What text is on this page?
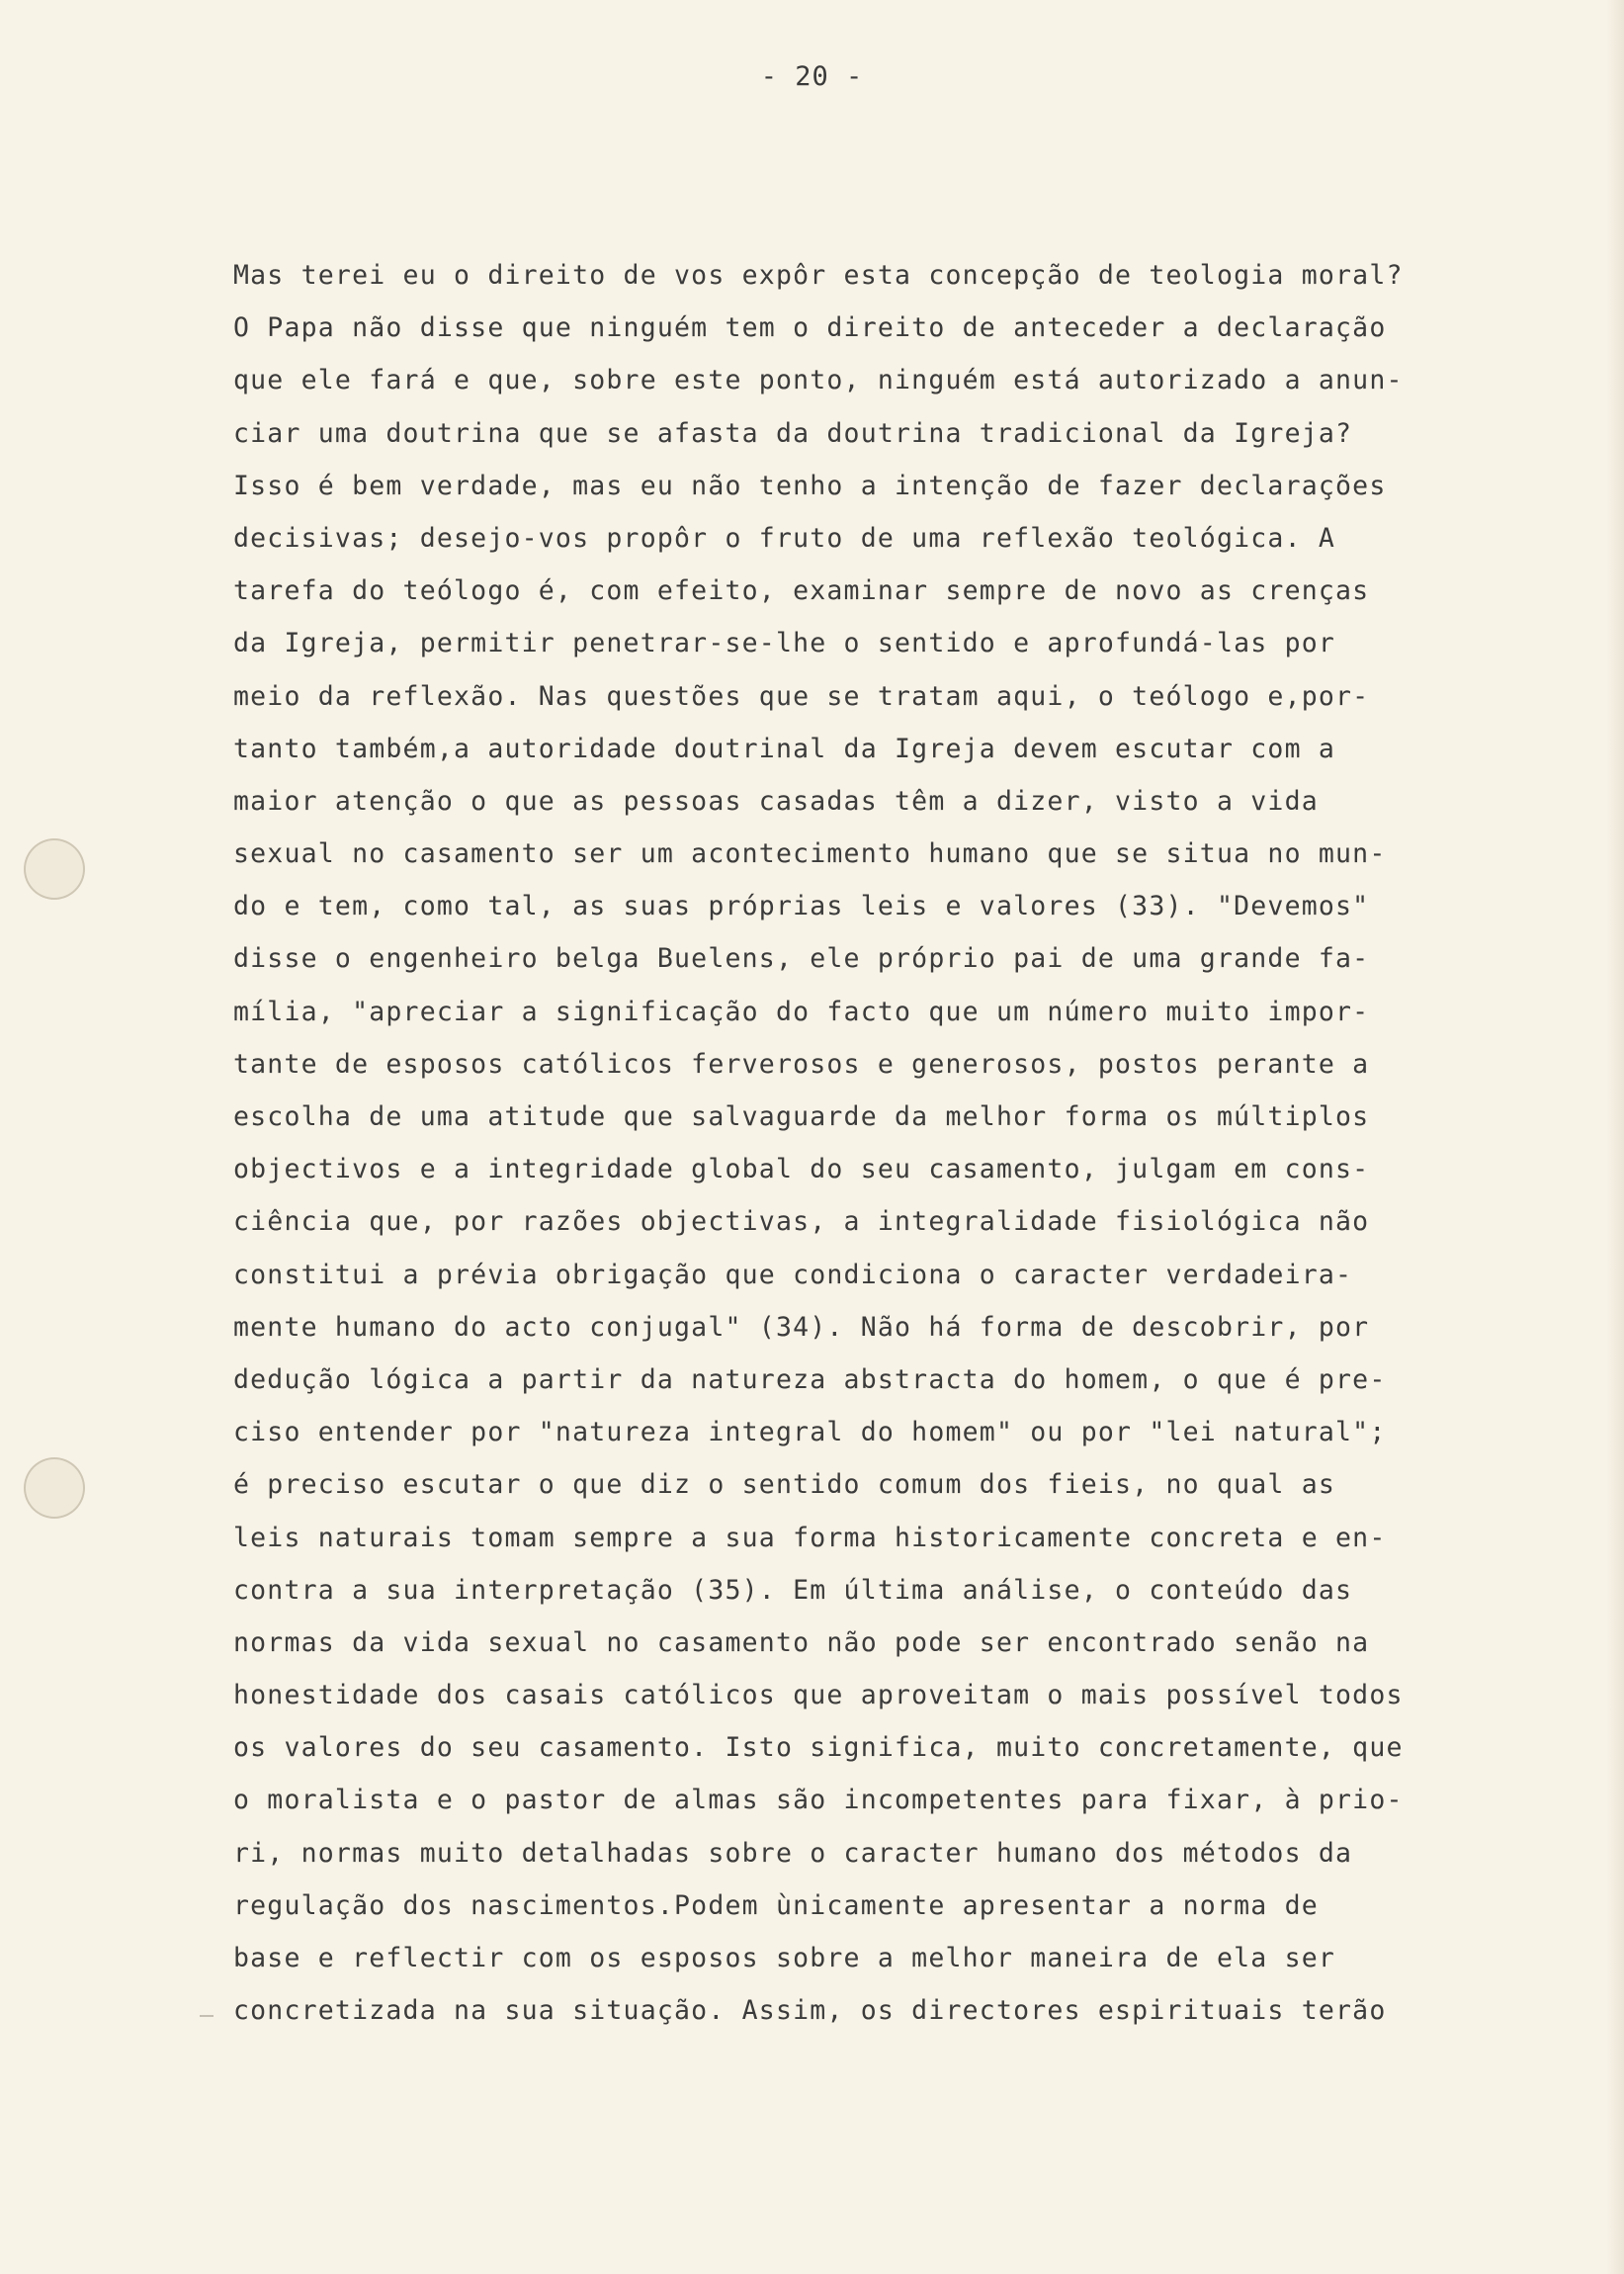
- 20 -
Mas terei eu o direito de vos expôr esta concepção de teologia moral?
O Papa não disse que ninguém tem o direito de anteceder a declaração
que ele fará e que, sobre este ponto, ninguém está autorizado a anun-
ciar uma doutrina que se afasta da doutrina tradicional da Igreja?
Isso é bem verdade, mas eu não tenho a intenção de fazer declarações
decisivas; desejo-vos propôr o fruto de uma reflexão teológica. A
tarefa do teólogo é, com efeito, examinar sempre de novo as crenças
da Igreja, permitir penetrar-se-lhe o sentido e aprofundá-las por
meio da reflexão. Nas questões que se tratam aqui, o teólogo e,por-
tanto também,a autoridade doutrinal da Igreja devem escutar com a
maior atenção o que as pessoas casadas têm a dizer, visto a vida
sexual no casamento ser um acontecimento humano que se situa no mun-
do e tem, como tal, as suas próprias leis e valores (33). "Devemos"
disse o engenheiro belga Buelens, ele próprio pai de uma grande fa-
mília, "apreciar a significação do facto que um número muito impor-
tante de esposos católicos ferverosos e generosos, postos perante a
escolha de uma atitude que salvaguarde da melhor forma os múltiplos
objectivos e a integridade global do seu casamento, julgam em cons-
ciência que, por razões objectivas, a integralidade fisiológica não
constitui a prévia obrigação que condiciona o caracter verdadeira-
mente humano do acto conjugal" (34). Não há forma de descobrir, por
dedução lógica a partir da natureza abstracta do homem, o que é pre-
ciso entender por "natureza integral do homem" ou por "lei natural";
é preciso escutar o que diz o sentido comum dos fieis, no qual as
leis naturais tomam sempre a sua forma historicamente concreta e en-
contra a sua interpretação (35). Em última análise, o conteúdo das
normas da vida sexual no casamento não pode ser encontrado senão na
honestidade dos casais católicos que aproveitam o mais possível todos
os valores do seu casamento. Isto significa, muito concretamente, que
o moralista e o pastor de almas são incompetentes para fixar, à prio-
ri, normas muito detalhadas sobre o caracter humano dos métodos da
regulação dos nascimentos.Podem ùnicamente apresentar a norma de
base e reflectir com os esposos sobre a melhor maneira de ela ser
concretizada na sua situação. Assim, os directores espirituais terão
